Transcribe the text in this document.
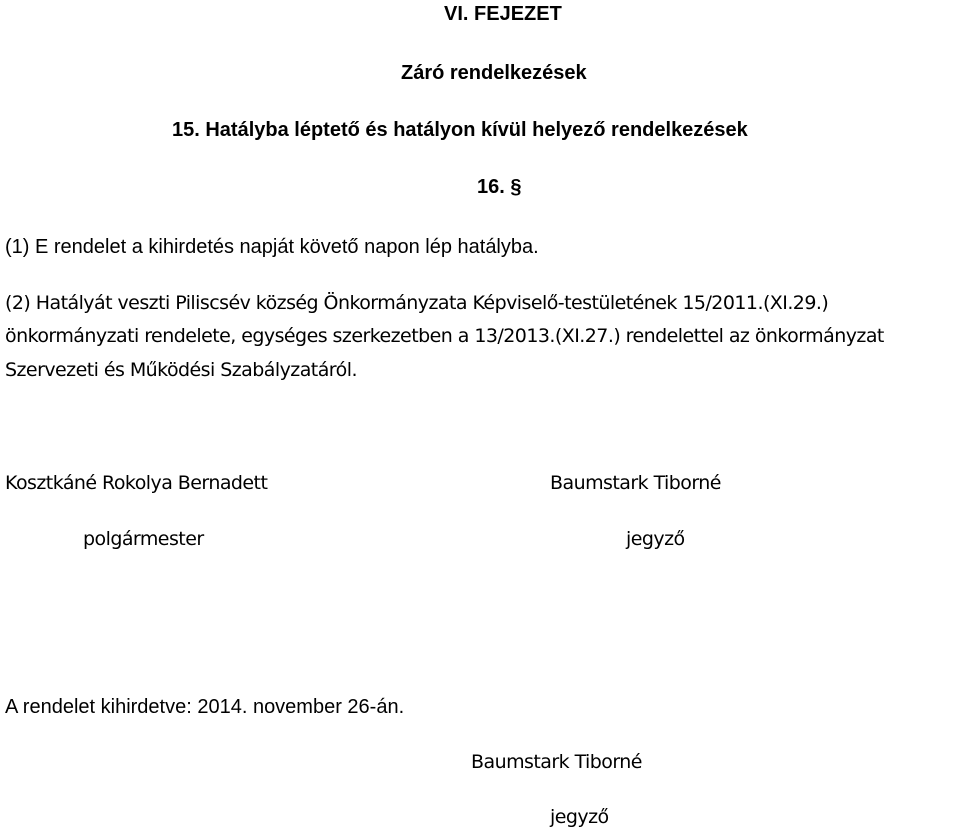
VI. FEJEZET
Záró rendelkezések
15. Hatályba léptető és hatályon kívül helyező rendelkezések
16. §
(1) E rendelet a kihirdetés napját követő napon lép hatályba.
(2) Hatályát veszti Piliscsév község Önkormányzata Képviselő-testületének 15/2011.(XI.29.)
önkormányzati rendelete, egységes szerkezetben a 13/2013.(XI.27.) rendelettel az önkormányzat
Szervezeti és Működési Szabályzatáról.
Kosztkáné Rokolya Bernadett
polgármester
Baumstark Tiborné
jegyző
A rendelet kihirdetve: 2014. november 26-án.
Baumstark Tiborné
jegyző
